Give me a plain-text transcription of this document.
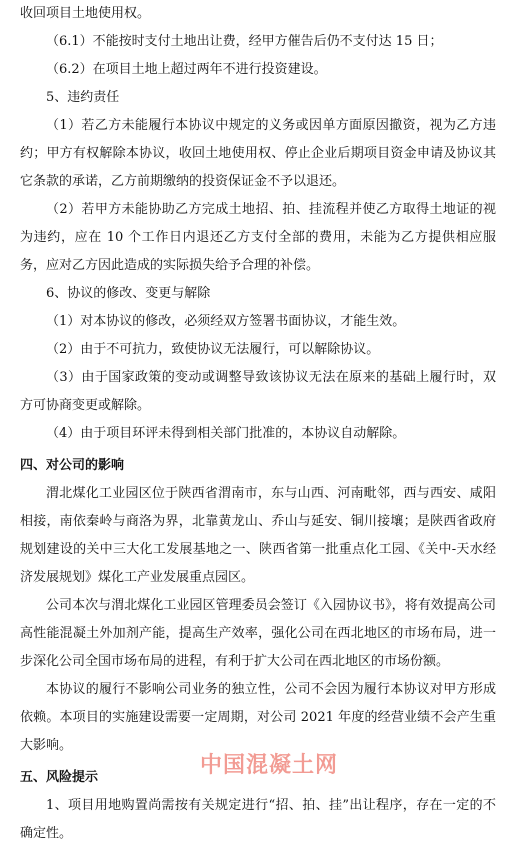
收回项目土地使用权。

（6.1）不能按时支付土地出让费，经甲方催告后仍不支付达 15 日；

（6.2）在项目土地上超过两年不进行投资建设。

5、违约责任

（1）若乙方未能履行本协议中规定的义务或因单方面原因撤资，视为乙方违约；甲方有权解除本协议，收回土地使用权、停止企业后期项目资金申请及协议其它条款的承诺，乙方前期缴纳的投资保证金不予以退还。

（2）若甲方未能协助乙方完成土地招、拍、挂流程并使乙方取得土地证的视为违约，应在 10 个工作日内退还乙方支付全部的费用，未能为乙方提供相应服务，应对乙方因此造成的实际损失给予合理的补偿。

6、协议的修改、变更与解除

（1）对本协议的修改，必须经双方签署书面协议，才能生效。

（2）由于不可抗力，致使协议无法履行，可以解除协议。

（3）由于国家政策的变动或调整导致该协议无法在原来的基础上履行时，双方可协商变更或解除。

（4）由于项目环评未得到相关部门批准的，本协议自动解除。

四、对公司的影响

渭北煤化工业园区位于陕西省渭南市，东与山西、河南毗邻，西与西安、咸阳相接，南依秦岭与商洛为界，北靠黄龙山、乔山与延安、铜川接壤；是陕西省政府规划建设的关中三大化工发展基地之一、陕西省第一批重点化工园、《关中-天水经济发展规划》煤化工产业发展重点园区。

公司本次与渭北煤化工业园区管理委员会签订《入园协议书》，将有效提高公司高性能混凝土外加剂产能，提高生产效率，强化公司在西北地区的市场布局，进一步深化公司全国市场布局的进程，有利于扩大公司在西北地区的市场份额。

本协议的履行不影响公司业务的独立性，公司不会因为履行本协议对甲方形成依赖。本项目的实施建设需要一定周期，对公司 2021 年度的经营业绩不会产生重大影响。

五、风险提示

1、项目用地购置尚需按有关规定进行“招、拍、挂”出让程序，存在一定的不确定性。

中国混凝土网
